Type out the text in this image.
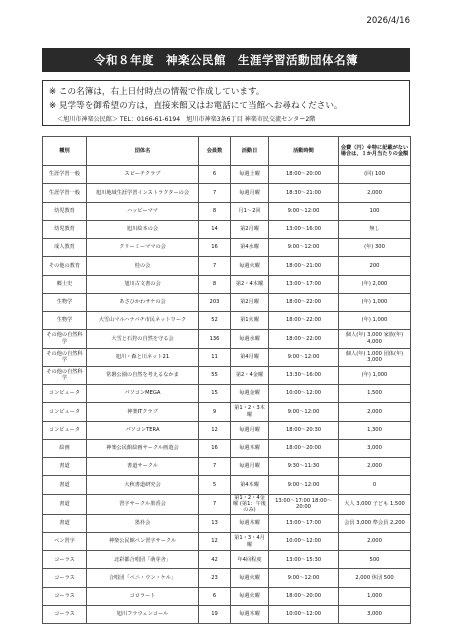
2026/4/16
令和８年度　神楽公民館　生涯学習活動団体名簿
※ この名簿は，右上日付時点の情報で作成しています。
※ 見学等を御希望の方は，直接来館又はお電話にて当館へお尋ねください。
＜旭川市神楽公民館＞ TEL：0166-61-6194　旭川市神楽3条6丁目 神楽市民交流センター2階
種別	団体名	会員数	活動日	活動時間	会費（円）※特に記載がない場合は，１か月当たりの金額
生涯学習一般	スピーチクラブ	6	毎週土曜	18:00～20:00	(回) 100
生涯学習一般	旭川地域生涯学習インストラクターの会	7	毎週月曜	18:30～21:00	2,000
幼児教育	ハッピーママ	8	月1～2回	9:00～12:00	100
幼児教育	旭川絵本の会	14	第2月曜	13:00～16:00	無し
成人教育	クリーミーママの会	16	第4水曜	9:00～12:00	(年) 300
その他の教育	桂の会	7	毎週火曜	18:00～21:00	200
郷土史	旭川古文書の会	8	第2・4木曜	13:00～17:00	(年) 2,000
生物学	あさひかわサケの会	203	第2月曜	18:00～22:00	(年) 1,000
生物学	大雪山マルハナバチ市民ネットワーク	52	第1火曜	18:00～22:00	(年) 1,000
その他の自然科学	大雪と石狩の自然を守る会	136	毎週水曜	18:00～22:00	個人(年) 3,000 家族(年) 4,000
その他の自然科学	旭川・森と川ネット21	11	第4月曜	9:00～12:00	個人(年) 1,000 団体(年) 3,000
その他の自然科学	常磐公園の自然を考えるなかま	55	第2・4金曜	13:30～16:00	(年) 1,000
コンピュータ	パソコンMEGA	15	毎週金曜	10:00～12:00	1,500
コンピュータ	神楽ITクラブ	9	第1・2・3木曜	9:00～12:00	2,000
コンピュータ	パソコンTERA	12	毎週月曜	18:00～20:30	1,300
絵画	神楽公民館絵画サークル画遊会	16	毎週木曜	18:00～20:00	3,000
書道	書道サークル	7	毎週月曜	9:30～11:30	2,000
書道	大秋書道研究会	5	第4木曜	9:00～12:00	0
書道	習字サークル墨香会	7	第1・2・4金曜 (第1：午後のみ)	13:00～17:00 18:00～20:00	大人 3,000 子ども 1,500
書道	墨朴会	13	毎週木曜	13:00～17:00	会員 3,000 準会員 2,200
ペン習字	神楽公民館ペン習字サークル	12	第1・3・4月曜	10:00～12:00	2,000
コーラス	北彩都合唱団「萌芽舎」	42	年4回程度	13:00～15:30	500
コーラス	合唱団「ベニ・ウン・ケル」	23	毎週火曜	9:00～12:00	2,000 休団 500
コーラス	コロラート	6	毎週火曜	18:00～20:00	1,000
コーラス	旭川フラウェンコール	19	毎週木曜	10:00～12:00	3,000
